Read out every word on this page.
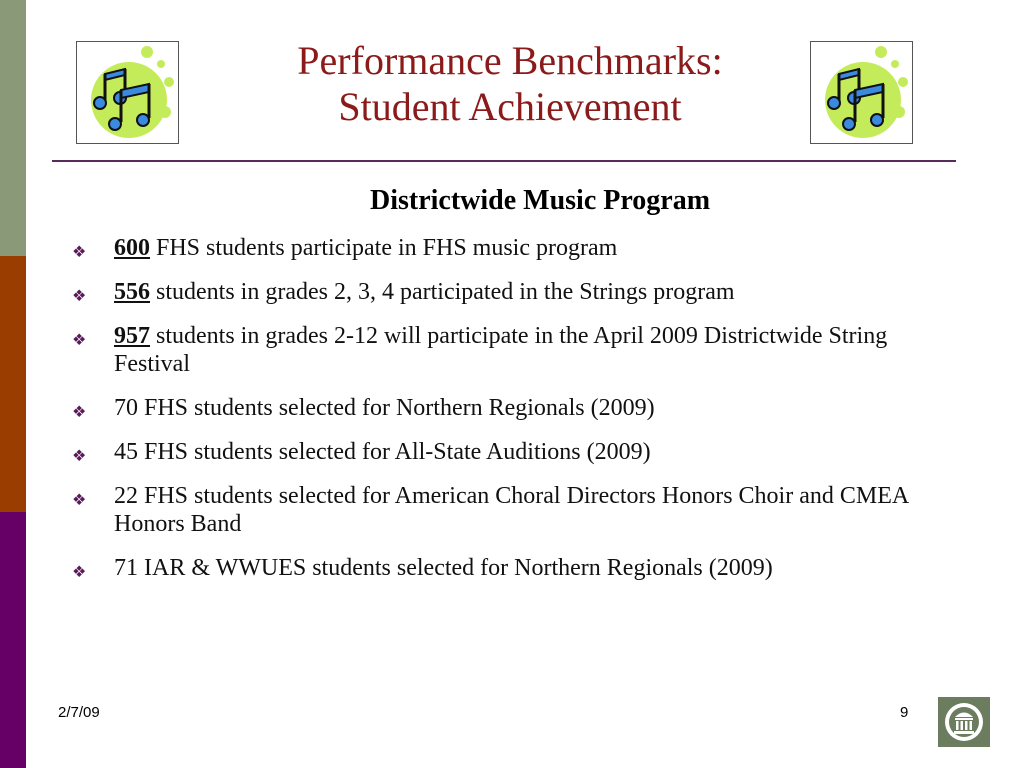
Performance Benchmarks:
Student Achievement
Districtwide Music Program
❖ 600 FHS students participate in FHS music program
❖ 556 students in grades 2, 3, 4 participated in the Strings program
❖ 957 students in grades 2-12 will participate in the April 2009 Districtwide String Festival
❖ 70 FHS students selected for Northern Regionals (2009)
❖ 45 FHS students selected for All-State Auditions (2009)
❖ 22 FHS students selected for American Choral Directors Honors Choir and CMEA Honors Band
❖ 71 IAR & WWUES students selected for Northern Regionals (2009)
2/7/09	9
